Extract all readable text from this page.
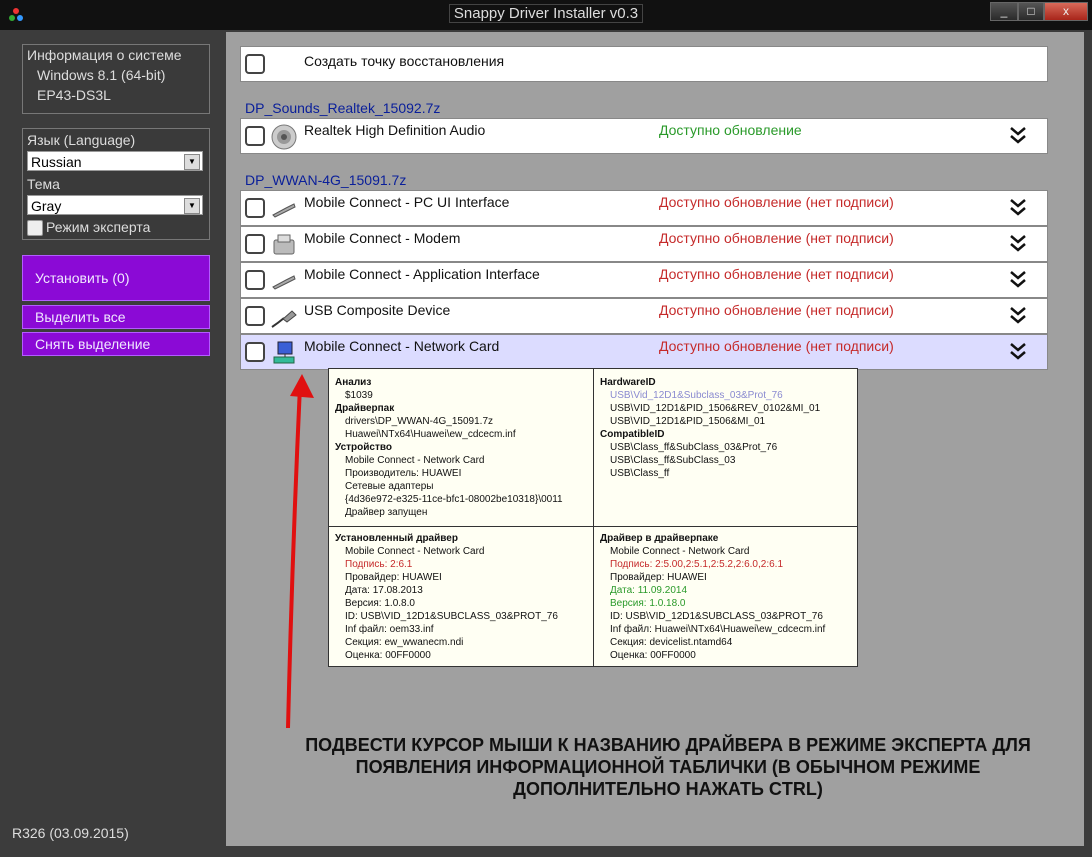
Snappy Driver Installer v0.3	_	□	x
Информация о системе
Windows 8.1 (64-bit)
EP43-DS3L
Язык (Language)
Russian	▼
Тема
Gray	▼
Режим эксперта
Установить (0)
Выделить все
Снять выделение
R326 (03.09.2015)
Создать точку восстановления
DP_Sounds_Realtek_15092.7z
Realtek High Definition Audio	Доступно обновление
DP_WWAN-4G_15091.7z
Mobile Connect - PC UI Interface	Доступно обновление (нет подписи)
Mobile Connect - Modem	Доступно обновление (нет подписи)
Mobile Connect - Application Interface	Доступно обновление (нет подписи)
USB Composite Device	Доступно обновление (нет подписи)
Mobile Connect - Network Card	Доступно обновление (нет подписи)
Анализ
$1039
Драйверпак
drivers\DP_WWAN-4G_15091.7z
Huawei\NTx64\Huawei\ew_cdcecm.inf
Устройство
Mobile Connect - Network Card
Производитель: HUAWEI
Сетевые адаптеры
{4d36e972-e325-11ce-bfc1-08002be10318}\0011
Драйвер запущен
HardwareID
USB\Vid_12D1&Subclass_03&Prot_76
USB\VID_12D1&PID_1506&REV_0102&MI_01
USB\VID_12D1&PID_1506&MI_01
CompatibleID
USB\Class_ff&SubClass_03&Prot_76
USB\Class_ff&SubClass_03
USB\Class_ff
Установленный драйвер
Mobile Connect - Network Card
Подпись: 2:6.1
Провайдер: HUAWEI
Дата: 17.08.2013
Версия: 1.0.8.0
ID: USB\VID_12D1&SUBCLASS_03&PROT_76
Inf файл: oem33.inf
Секция: ew_wwanecm.ndi
Оценка: 00FF0000
Драйвер в драйверпаке
Mobile Connect - Network Card
Подпись: 2:5.00,2:5.1,2:5.2,2:6.0,2:6.1
Провайдер: HUAWEI
Дата: 11.09.2014
Версия: 1.0.18.0
ID: USB\VID_12D1&SUBCLASS_03&PROT_76
Inf файл: Huawei\NTx64\Huawei\ew_cdcecm.inf
Секция: devicelist.ntamd64
Оценка: 00FF0000
ПОДВЕСТИ КУРСОР МЫШИ К НАЗВАНИЮ ДРАЙВЕРА В РЕЖИМЕ ЭКСПЕРТА ДЛЯ
ПОЯВЛЕНИЯ ИНФОРМАЦИОННОЙ ТАБЛИЧКИ (В ОБЫЧНОМ РЕЖИМЕ
ДОПОЛНИТЕЛЬНО НАЖАТЬ CTRL)
